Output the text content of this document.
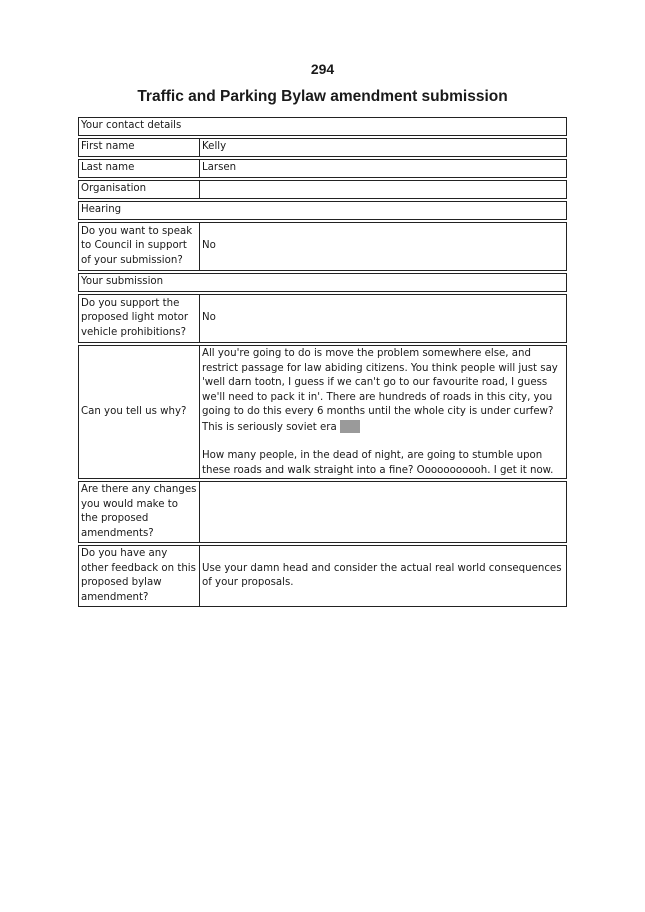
294
Traffic and Parking Bylaw amendment submission
Your contact details
First name	Kelly
Last name	Larsen
Organisation
Hearing
Do you want to speak to Council in support of your submission?
No
Your submission
Do you support the proposed light motor vehicle prohibitions?
No
Can you tell us why?

All you're going to do is move the problem somewhere else, and restrict passage for law abiding citizens. You think people will just say 'well darn tootn, I guess if we can't go to our favourite road, I guess we'll need to pack it in'. There are hundreds of roads in this city, you going to do this every 6 months until the whole city is under curfew? This is seriously soviet era

How many people, in the dead of night, are going to stumble upon these roads and walk straight into a fine? Ooooooooooh. I get it now.

Are there any changes you would make to the proposed amendments?
Do you have any other feedback on this proposed bylaw amendment?
Use your damn head and consider the actual real world consequences of your proposals.
